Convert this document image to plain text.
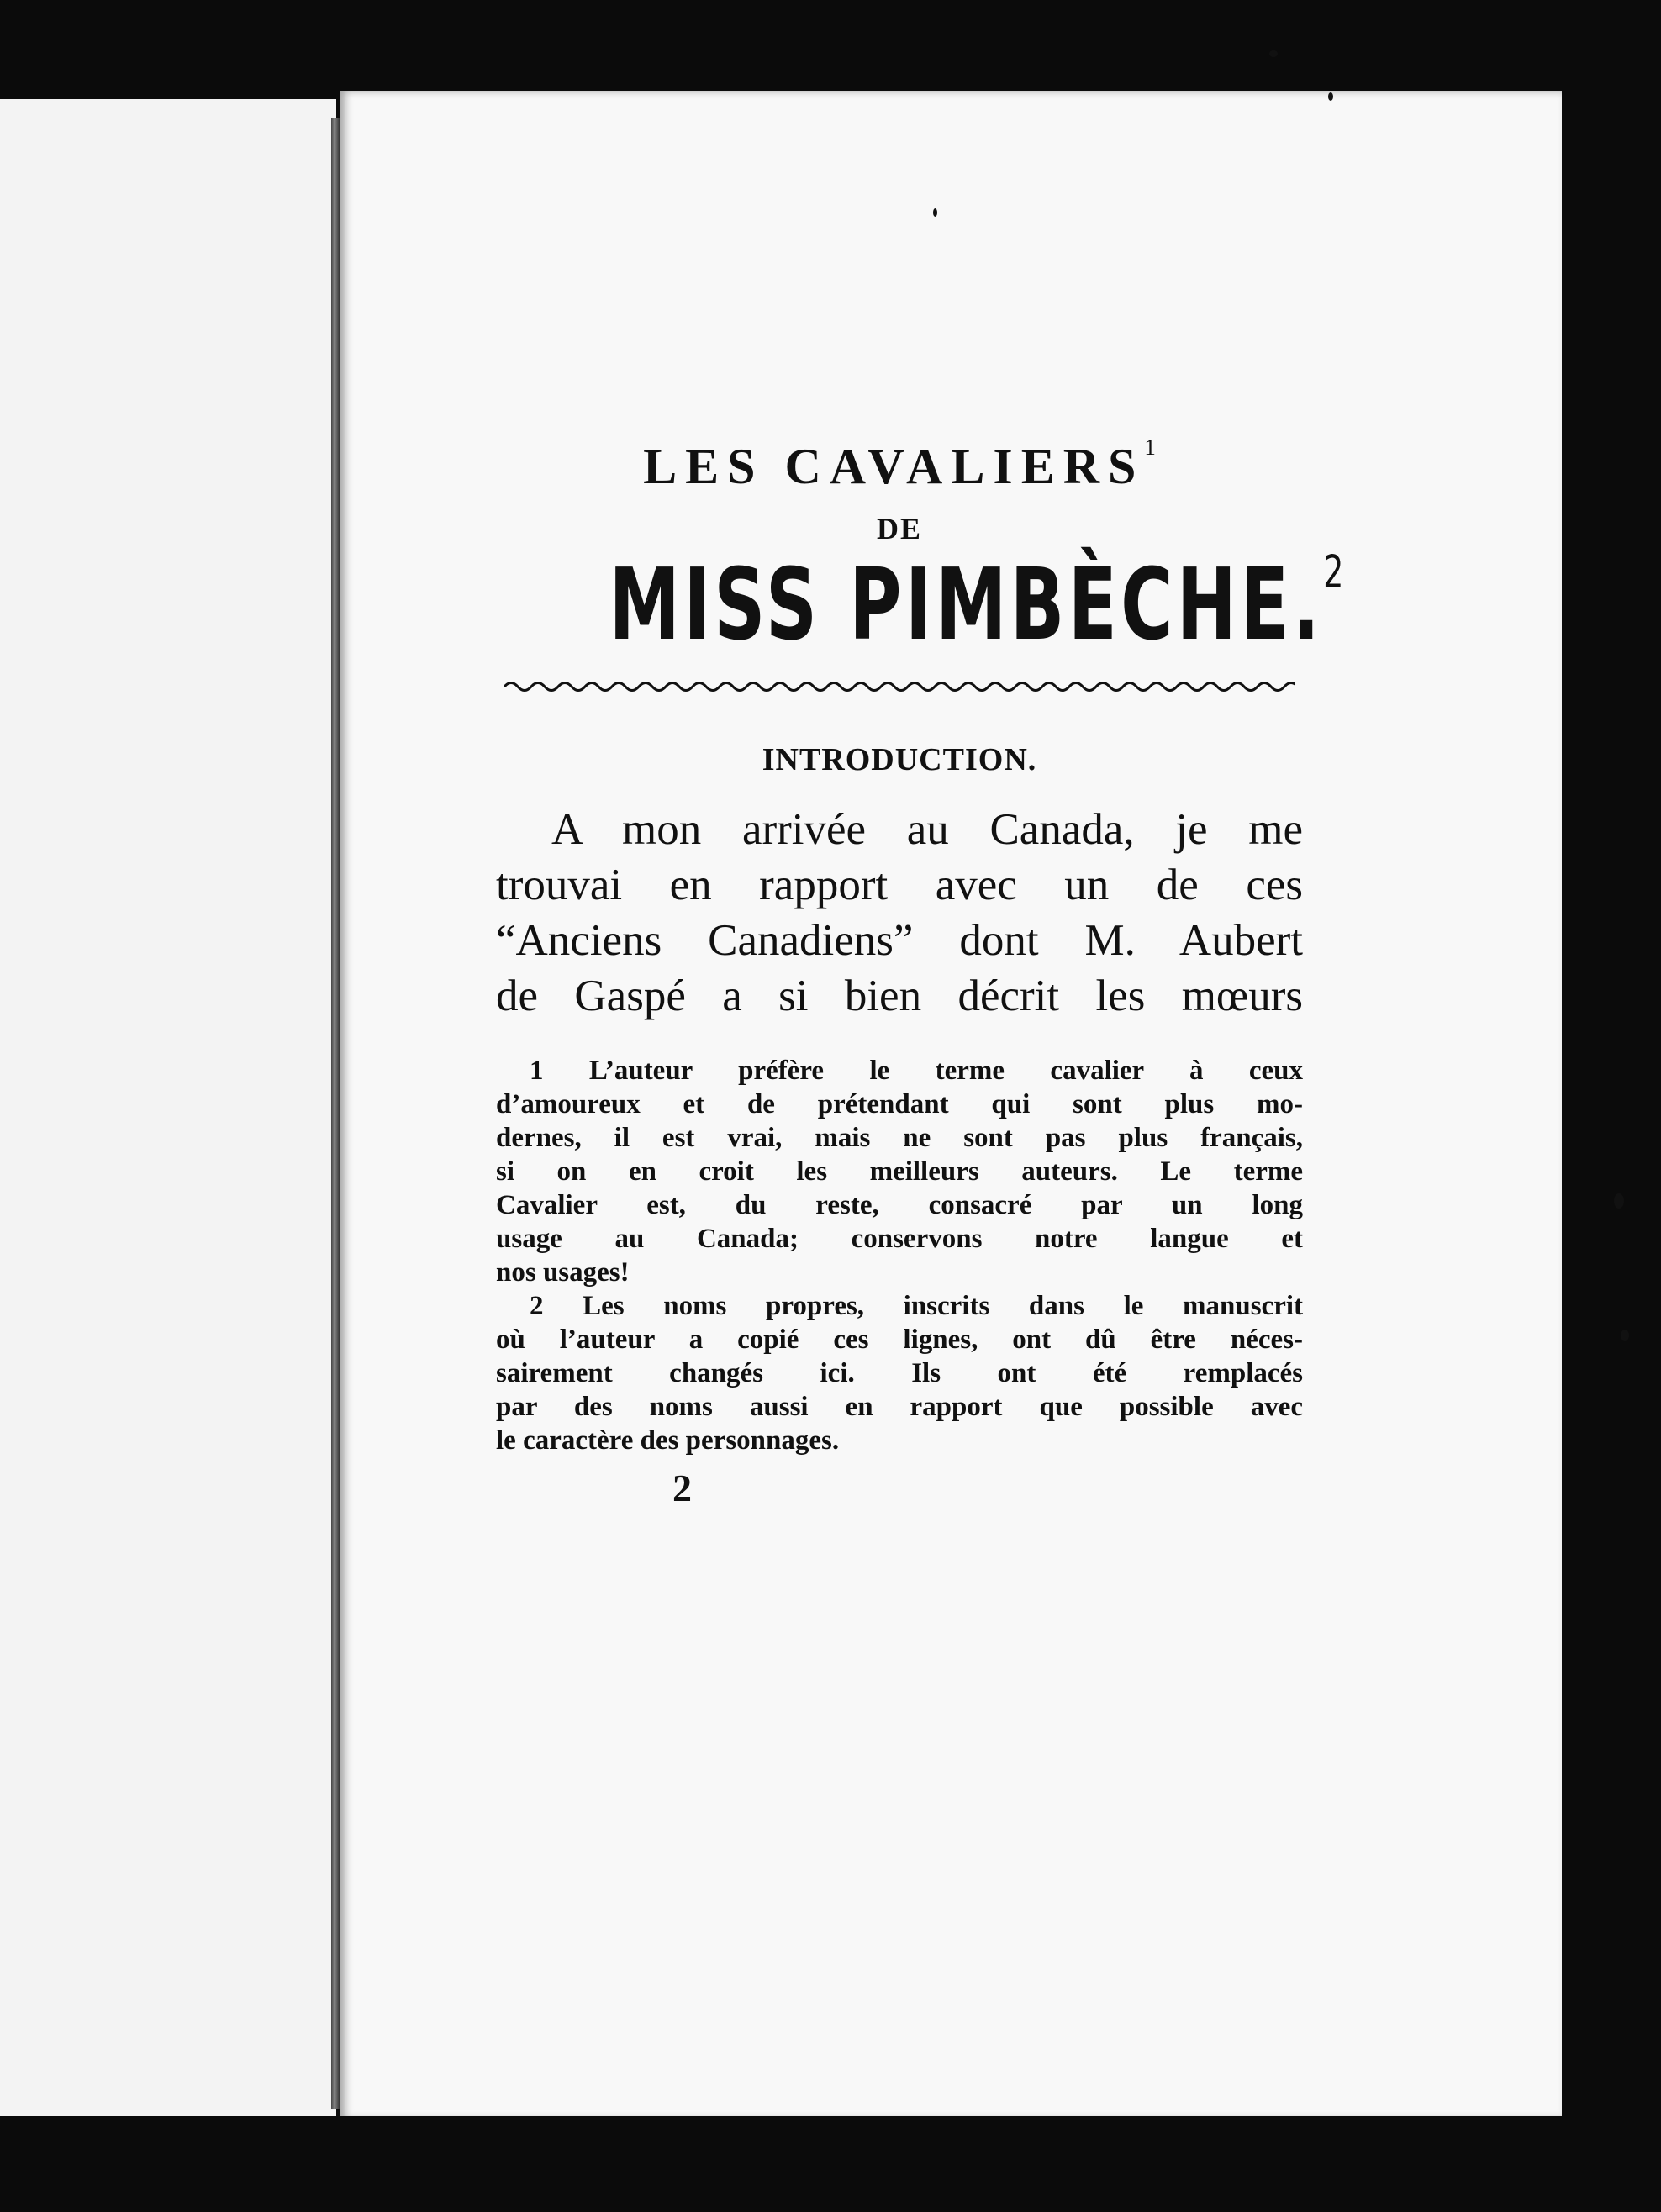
LES CAVALIERS$^1$
DE
MISS PIMBÈCHE.$^2$
INTRODUCTION.
A mon arrivée au Canada, je me
trouvai en rapport avec un de ces
“Anciens Canadiens” dont M. Aubert
de Gaspé a si bien décrit les mœurs
1 L’auteur préfère le terme cavalier à ceux
d’amoureux et de prétendant qui sont plus mo-
dernes, il est vrai, mais ne sont pas plus français,
si on en croit les meilleurs auteurs. Le terme
Cavalier est, du reste, consacré par un long
usage au Canada; conservons notre langue et
nos usages!
2 Les noms propres, inscrits dans le manuscrit
où l’auteur a copié ces lignes, ont dû être néces-
sairement changés ici. Ils ont été remplacés
par des noms aussi en rapport que possible avec
le caractère des personnages.
2
